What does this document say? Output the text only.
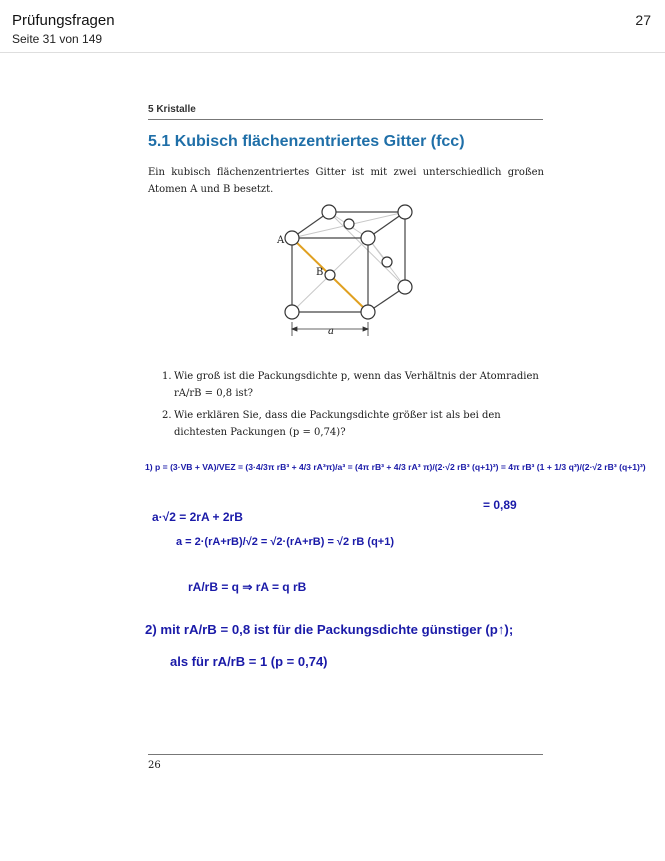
Prüfungsfragen
Seite 31 von 149
27
5 Kristalle
5.1 Kubisch flächenzentriertes Gitter (fcc)
Ein kubisch flächenzentriertes Gitter ist mit zwei unterschiedlich großen Atomen A und B besetzt.
A
B
a
1. Wie groß ist die Packungsdichte p, wenn das Verhältnis der Atomradien rA/rB = 0,8 ist?
2. Wie erklären Sie, dass die Packungsdichte größer ist als bei den dichtesten Packungen (p = 0,74)?
1) p = (3·VB + VA)/VEZ = (3·4/3π rB³ + 4/3 rA³π)/a³ = (4π rB³ + 4/3 rA³ π)/(2·√2 rB³ (q+1)³) = 4π rB³ (1 + 1/3 q³)/(2·√2 rB³ (q+1)³)
= 0,89
a·√2 = 2rA + 2rB
a = 2·(rA+rB)/√2 = √2·(rA+rB) = √2 rB (q+1)
rA/rB = q ⇒ rA = q rB
2) mit rA/rB = 0,8 ist für die Packungsdichte günstiger (p↑);
als für rA/rB = 1 (p = 0,74)
26
